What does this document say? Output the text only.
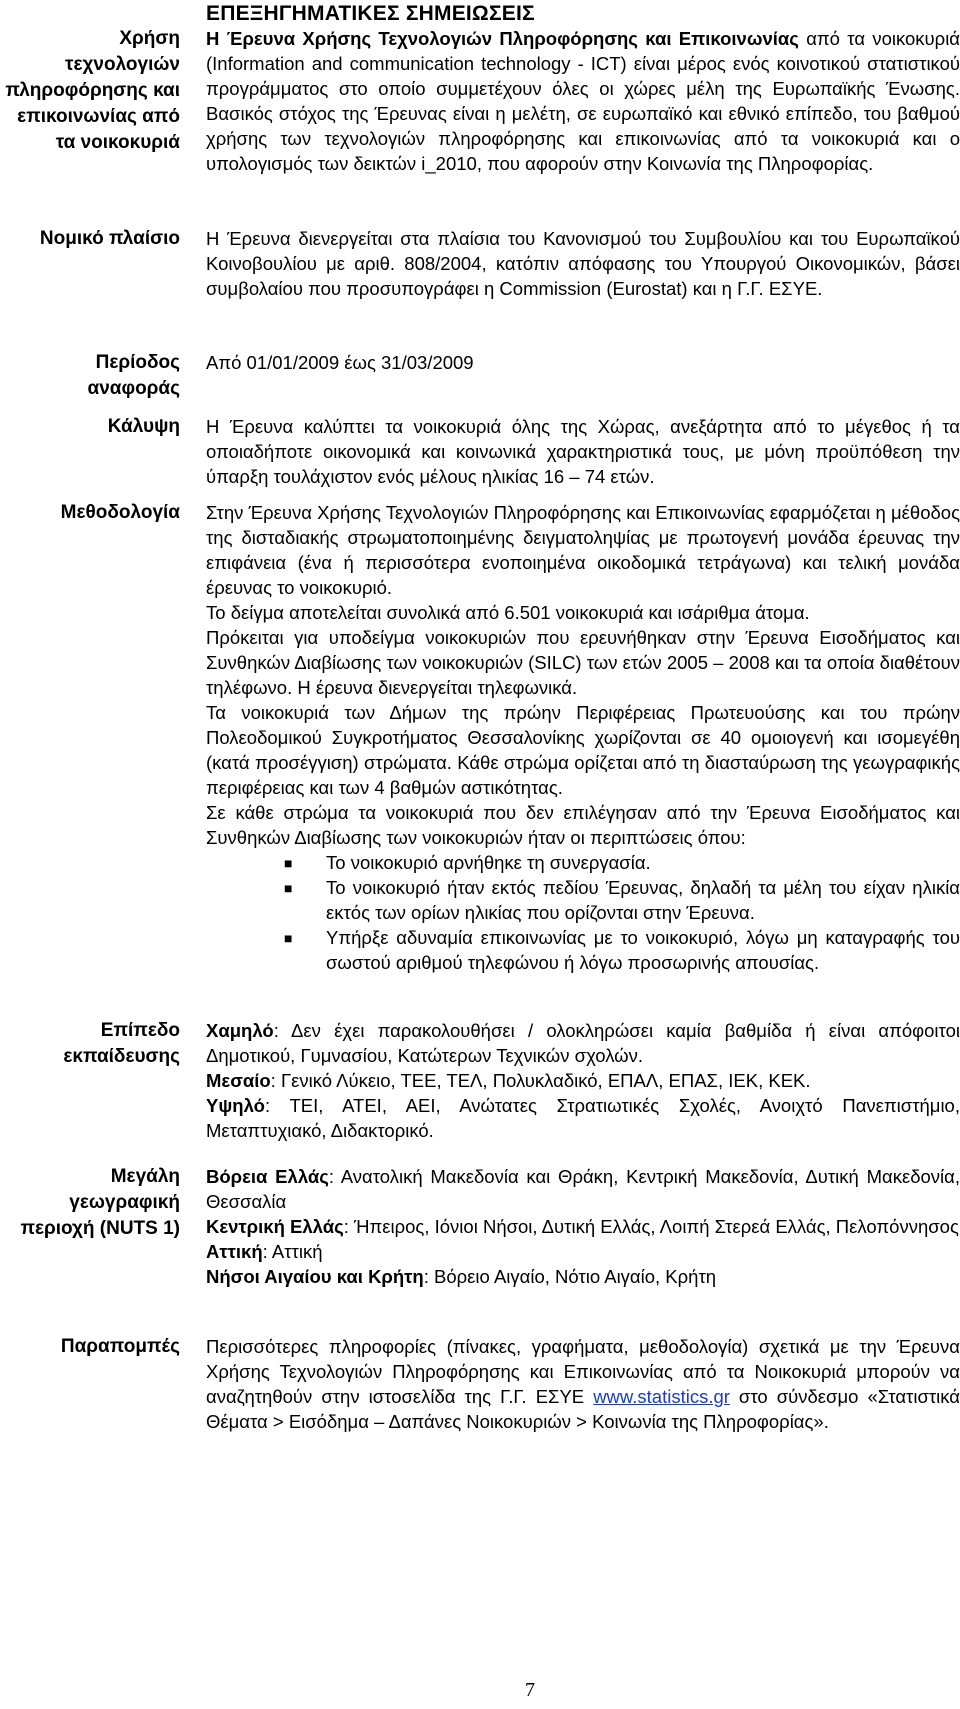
Χρήση τεχνολογιών πληροφόρησης και επικοινωνίας από τα νοικοκυριά
ΕΠΕΞΗΓΗΜΑΤΙΚΕΣ ΣΗΜΕΙΩΣΕΙΣ

Η Έρευνα Χρήσης Τεχνολογιών Πληροφόρησης και Επικοινωνίας από τα νοικοκυριά (Information and communication technology - ICT) είναι μέρος ενός κοινοτικού στατιστικού προγράμματος στο οποίο συμμετέχουν όλες οι χώρες μέλη της Ευρωπαϊκής Ένωσης. Βασικός στόχος της Έρευνας είναι η μελέτη, σε ευρωπαϊκό και εθνικό επίπεδο, του βαθμού χρήσης των τεχνολογιών πληροφόρησης και επικοινωνίας από τα νοικοκυριά και ο υπολογισμός των δεικτών i_2010, που αφορούν στην Κοινωνία της Πληροφορίας.

Νομικό πλαίσιο Η Έρευνα διενεργείται στα πλαίσια του Κανονισμού του Συμβουλίου και του Ευρωπαϊκού Κοινοβουλίου με αριθ. 808/2004, κατόπιν απόφασης του Υπουργού Οικονομικών, βάσει συμβολαίου που προσυπογράφει η Commission (Eurostat) και η Γ.Γ. ΕΣΥΕ.

Περίοδος αναφοράς

Από 01/01/2009 έως 31/03/2009

Κάλυψη Η Έρευνα καλύπτει τα νοικοκυριά όλης της Χώρας, ανεξάρτητα από το μέγεθος ή τα οποιαδήποτε οικονομικά και κοινωνικά χαρακτηριστικά τους, με μόνη προϋπόθεση την ύπαρξη τουλάχιστον ενός μέλους ηλικίας 16 – 74 ετών.

Μεθοδολογία Στην Έρευνα Χρήσης Τεχνολογιών Πληροφόρησης και Επικοινωνίας εφαρμόζεται η μέθοδος της δισταδιακής στρωματοποιημένης δειγματοληψίας με πρωτογενή μονάδα έρευνας την επιφάνεια (ένα ή περισσότερα ενοποιημένα οικοδομικά τετράγωνα) και τελική μονάδα έρευνας το νοικοκυριό.

Το δείγμα αποτελείται συνολικά από 6.501 νοικοκυριά και ισάριθμα άτομα.

Πρόκειται για υποδείγμα νοικοκυριών που ερευνήθηκαν στην Έρευνα Εισοδήματος και Συνθηκών Διαβίωσης των νοικοκυριών (SILC) των ετών 2005 – 2008 και τα οποία διαθέτουν τηλέφωνο. Η έρευνα διενεργείται τηλεφωνικά.

Τα νοικοκυριά των Δήμων της πρώην Περιφέρειας Πρωτευούσης και του πρώην Πολεοδομικού Συγκροτήματος Θεσσαλονίκης χωρίζονται σε 40 ομοιογενή και ισομεγέθη (κατά προσέγγιση) στρώματα. Κάθε στρώμα ορίζεται από τη διασταύρωση της γεωγραφικής περιφέρειας και των 4 βαθμών αστικότητας.

Σε κάθε στρώμα τα νοικοκυριά που δεν επιλέγησαν από την Έρευνα Εισοδήματος και Συνθηκών Διαβίωσης των νοικοκυριών ήταν οι περιπτώσεις όπου:

■ Το νοικοκυριό αρνήθηκε τη συνεργασία.
■ Το νοικοκυριό ήταν εκτός πεδίου Έρευνας, δηλαδή τα μέλη του είχαν ηλικία εκτός των ορίων ηλικίας που ορίζονται στην Έρευνα.
■ Υπήρξε αδυναμία επικοινωνίας με το νοικοκυριό, λόγω μη καταγραφής του σωστού αριθμού τηλεφώνου ή λόγω προσωρινής απουσίας.
Επίπεδο εκπαίδευσης

Χαμηλό: Δεν έχει παρακολουθήσει / ολοκληρώσει καμία βαθμίδα ή είναι απόφοιτοι Δημοτικού, Γυμνασίου, Κατώτερων Τεχνικών σχολών.

Μεσαίο: Γενικό Λύκειο, ΤΕΕ, ΤΕΛ, Πολυκλαδικό, ΕΠΑΛ, ΕΠΑΣ, ΙΕΚ, ΚΕΚ.

Υψηλό: ΤΕΙ, ΑΤΕΙ, ΑΕΙ, Ανώτατες Στρατιωτικές Σχολές, Ανοιχτό Πανεπιστήμιο, Μεταπτυχιακό, Διδακτορικό.

Μεγάλη γεωγραφική περιοχή (NUTS 1)

Βόρεια Ελλάς: Ανατολική Μακεδονία και Θράκη, Κεντρική Μακεδονία, Δυτική Μακεδονία, Θεσσαλία

Κεντρική Ελλάς: Ήπειρος, Ιόνιοι Νήσοι, Δυτική Ελλάς, Λοιπή Στερεά Ελλάς, Πελοπόννησος

Αττική: Αττική

Νήσοι Αιγαίου και Κρήτη: Βόρειο Αιγαίο, Νότιο Αιγαίο, Κρήτη

Παραπομπές Περισσότερες πληροφορίες (πίνακες, γραφήματα, μεθοδολογία) σχετικά με την Έρευνα Χρήσης Τεχνολογιών Πληροφόρησης και Επικοινωνίας από τα Νοικοκυριά μπορούν να αναζητηθούν στην ιστοσελίδα της Γ.Γ. ΕΣΥΕ www.statistics.gr στο σύνδεσμο «Στατιστικά Θέματα > Εισόδημα – Δαπάνες Νοικοκυριών > Κοινωνία της Πληροφορίας».

7
